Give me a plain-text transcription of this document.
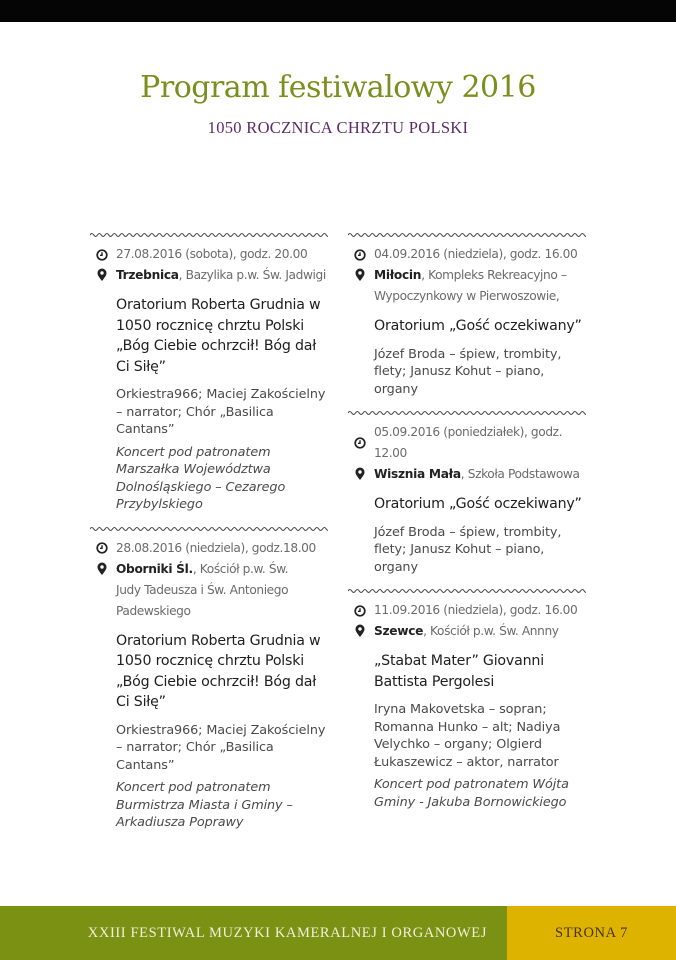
Program festiwalowy 2016
1050 ROCZNICA CHRZTU POLSKI
27.08.2016 (sobota), godz. 20.00
Trzebnica, Bazylika p.w. Św. Jadwigi
Oratorium Roberta Grudnia w 1050 rocznicę chrztu Polski „Bóg Ciebie ochrzcił! Bóg dał Ci Siłę”
Orkiestra966; Maciej Zakościelny – narrator; Chór „Basilica Cantans”
Koncert pod patronatem Marszałka Województwa Dolnośląskiego – Cezarego Przybylskiego
28.08.2016 (niedziela), godz.18.00
Oborniki Śl., Kościół p.w. Św.
Judy Tadeusza i Św. Antoniego Padewskiego
Oratorium Roberta Grudnia w 1050 rocznicę chrztu Polski „Bóg Ciebie ochrzcił! Bóg dał Ci Siłę”
Orkiestra966; Maciej Zakościelny – narrator; Chór „Basilica Cantans”
Koncert pod patronatem Burmistrza Miasta i Gminy – Arkadiusza Poprawy
04.09.2016 (niedziela), godz. 16.00
Miłocin, Kompleks Rekreacyjno –
Wypoczynkowy w Pierwoszowie,
Oratorium „Gość oczekiwany”
Józef Broda – śpiew, trombity, flety; Janusz Kohut – piano, organy
05.09.2016 (poniedziałek), godz. 12.00
Wisznia Mała, Szkoła Podstawowa
Oratorium „Gość oczekiwany”
Józef Broda – śpiew, trombity, flety; Janusz Kohut – piano, organy
11.09.2016 (niedziela), godz. 16.00
Szewce, Kościół p.w. Św. Annny
„Stabat Mater” Giovanni Battista Pergolesi
Iryna Makovetska – sopran; Romanna Hunko – alt; Nadiya Velychko – organy; Olgierd Łukaszewicz – aktor, narrator
Koncert pod patronatem Wójta Gminy - Jakuba Bornowickiego
XXIII FESTIWAL MUZYKI KAMERALNEJ I ORGANOWEJ	STRONA 7
